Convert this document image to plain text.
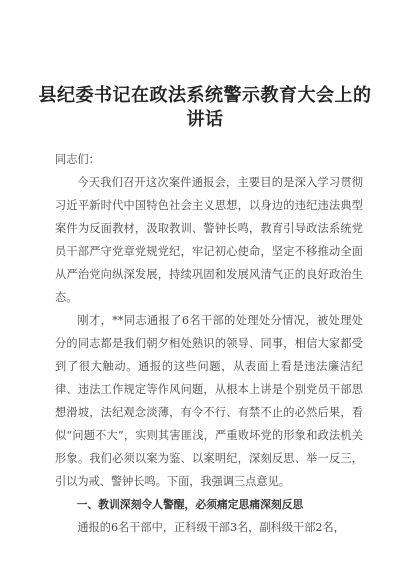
县纪委书记在政法系统警示教育大会上的讲话

同志们：

今天我们召开这次案件通报会，主要目的是深入学习贯彻习近平新时代中国特色社会主义思想，以身边的违纪违法典型案件为反面教材，汲取教训、警钟长鸣，教育引导政法系统党员干部严守党章党规党纪，牢记初心使命，坚定不移推动全面从严治党向纵深发展，持续巩固和发展风清气正的良好政治生态。

刚才，**同志通报了6名干部的处理处分情况，被处理处分的同志都是我们朝夕相处熟识的领导、同事，相信大家都受到了很大触动。通报的这些问题，从表面上看是违法廉洁纪律、违法工作规定等作风问题，从根本上讲是个别党员干部思想滑坡，法纪观念淡薄，有令不行、有禁不止的必然后果，看似“问题不大”，实则其害匪浅，严重败坏党的形象和政法机关形象。我们必须以案为鉴、以案明纪，深刻反思、举一反三，引以为戒、警钟长鸣。下面，我强调三点意见。

一、教训深刻令人警醒，必须痛定思痛深刻反思

通报的6名干部中，正科级干部3名，副科级干部2名，
